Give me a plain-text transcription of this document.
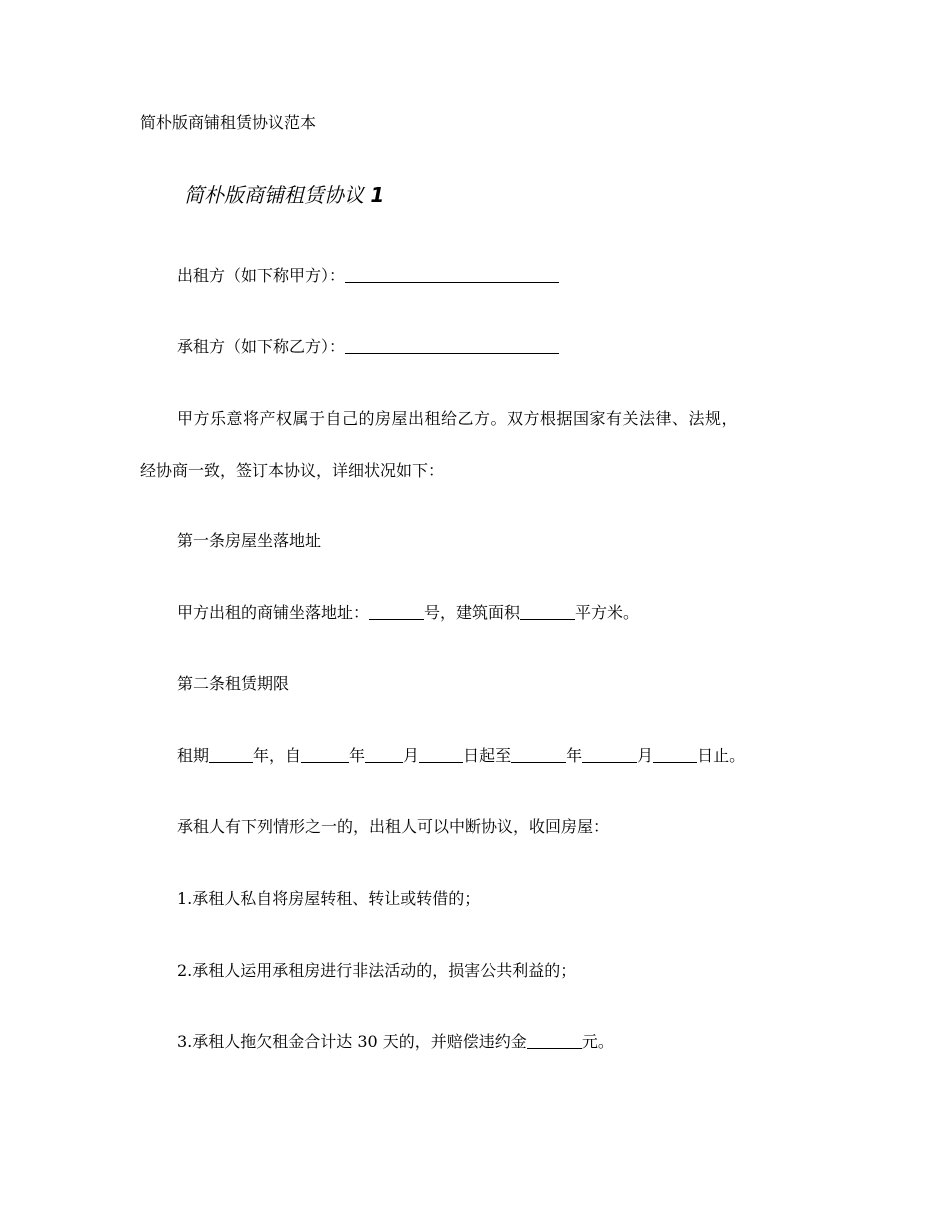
简朴版商铺租赁协议范本
简朴版商铺租赁协议 1
出租方（如下称甲方）：
承租方（如下称乙方）：
甲方乐意将产权属于自己的房屋出租给乙方。双方根据国家有关法律、法规，
经协商一致，签订本协议，详细状况如下：
第一条房屋坐落地址
甲方出租的商铺坐落地址：	号，建筑面积	平方米。
第二条租赁期限
租期	年，自	年 月	日起至	年	月	日止。
承租人有下列情形之一的，出租人可以中断协议，收回房屋：
1.承租人私自将房屋转租、转让或转借的；
2.承租人运用承租房进行非法活动的，损害公共利益的；
3.承租人拖欠租金合计达 30 天的，并赔偿违约金	元。
